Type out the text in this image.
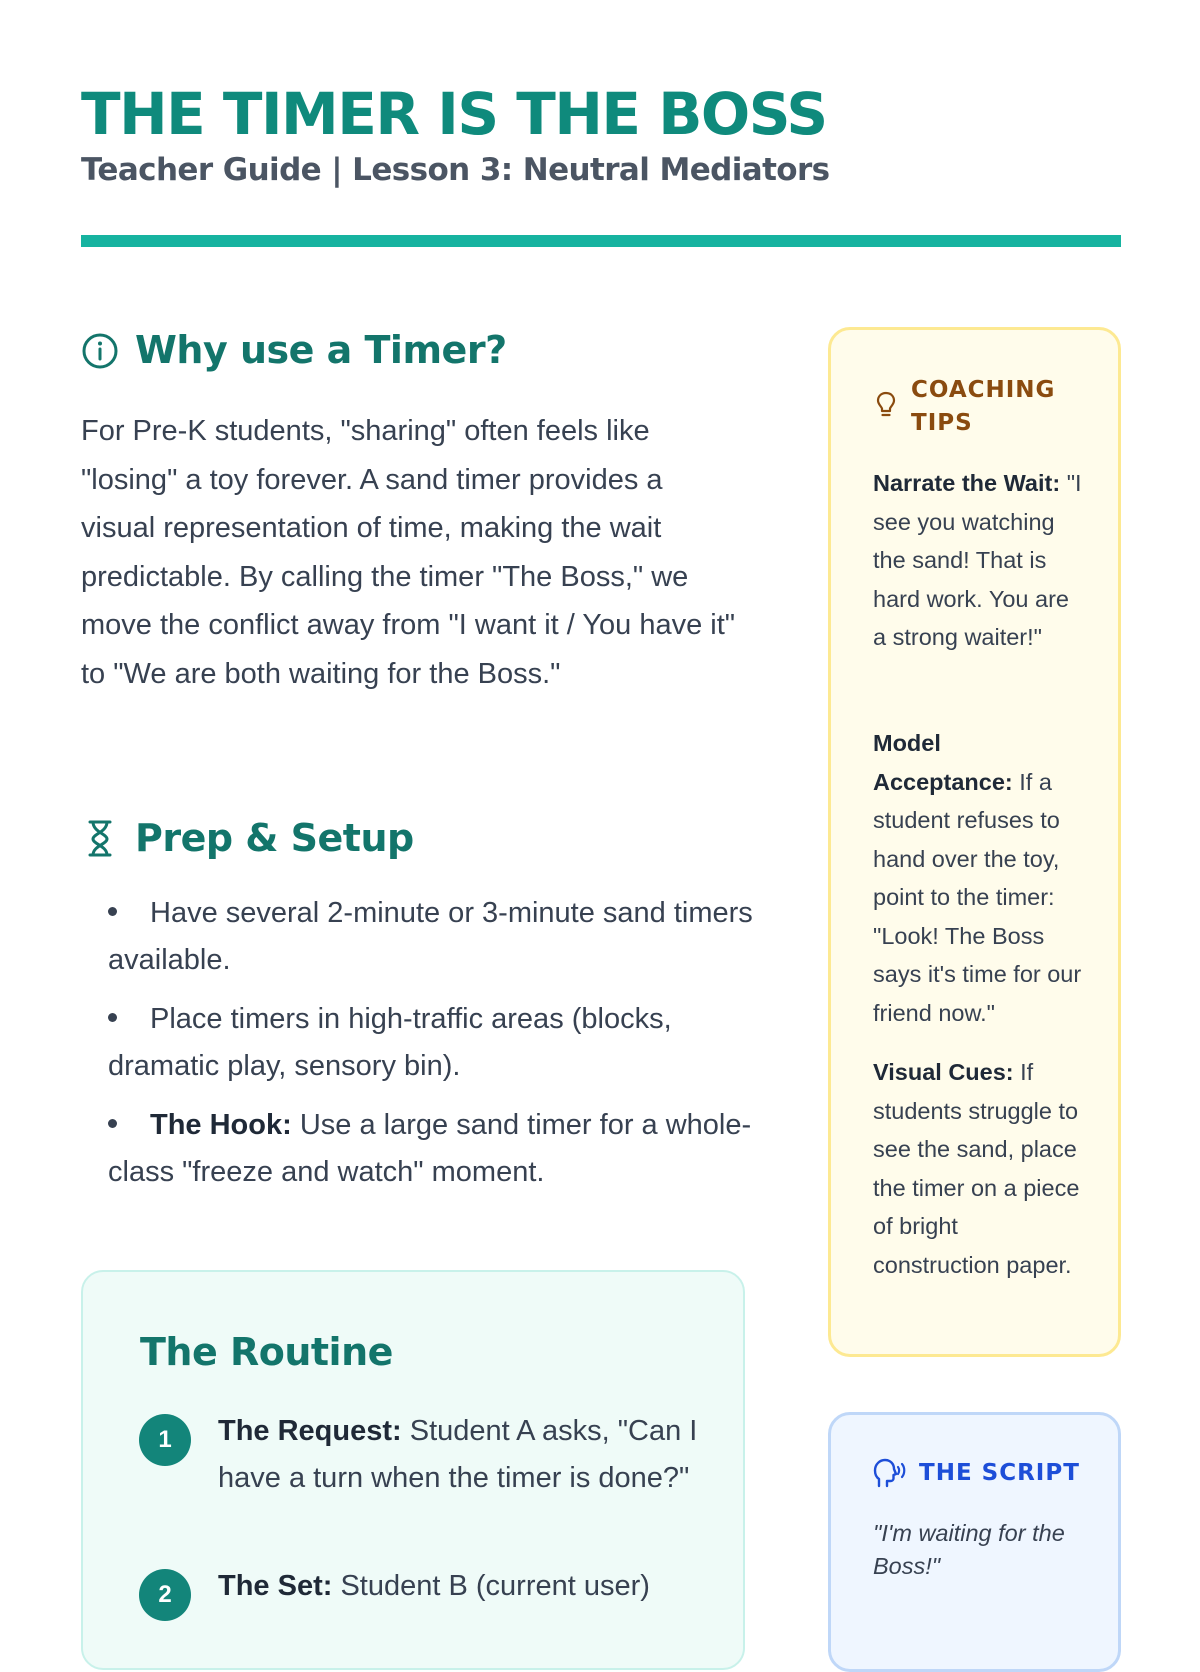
THE TIMER IS THE BOSS
Teacher Guide | Lesson 3: Neutral Mediators
Why use a Timer?

For Pre-K students, "sharing" often feels like "losing" a toy forever. A sand timer provides a visual representation of time, making the wait predictable. By calling the timer "The Boss," we move the conflict away from "I want it / You have it" to "We are both waiting for the Boss."

Prep & Setup
Have several 2-minute or 3-minute sand timers available.
Place timers in high-traffic areas (blocks, dramatic play, sensory bin).
The Hook: Use a large sand timer for a whole-class "freeze and watch" moment.
The Routine
1	The Request: Student A asks, "Can I have a turn when the timer is done?"
2	The Set: Student B (current user)
COACHING TIPS

Narrate the Wait: "I see you watching the sand! That is hard work. You are a strong waiter!"

Model Acceptance: If a student refuses to hand over the toy, point to the timer: "Look! The Boss says it's time for our friend now."

Visual Cues: If students struggle to see the sand, place the timer on a piece of bright construction paper.

THE SCRIPT

"I'm waiting for the Boss!"
